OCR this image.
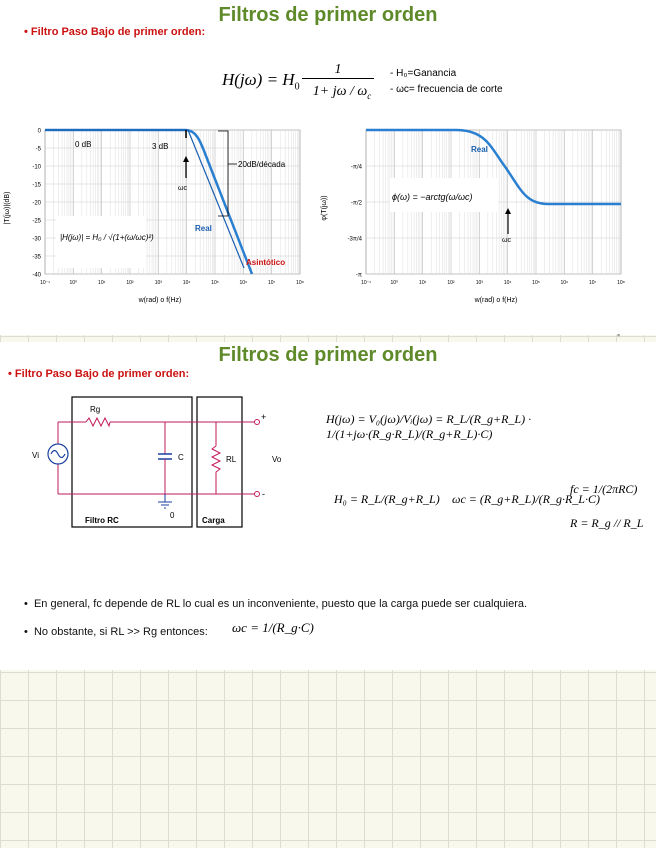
Filtros de primer orden
• Filtro Paso Bajo de primer orden:
$H(j\omega) = H_0$
1
$1+ j\omega / \omega_c$
- H₀=Ganancia
- ωc= frecuencia de corte
0
-5
-10
-15
-20
-25
-30
-35
-40
10⁻¹	10⁰	10¹	10²	10³	10⁴	10⁵	10⁶	10⁷	10⁸
|T(jω)|(dB)
w(rad) o f(Hz)
0 dB	3 dB
20dB/década
ωc
Real
Asintótico
|H(jω)| = H₀ / √(1+(ω/ωc)²)
-π/4
-π/2
-3π/4
-π
10⁻¹	10⁰	10¹	10²	10³	10⁴	10⁵	10⁶	10⁷	10⁸
φ(T(jω))
w(rad) o f(Hz)
Real
ϕ(ω) = −arctg(ω/ωc)
ωc
▪
Filtros de primer orden
• Filtro Paso Bajo de primer orden:
Vi
Rg
C
0
RL
+
-
Vo
Filtro RC	Carga
H(jω) = V₀(jω)/Vᵢ(jω) = R_L/(R_g+R_L) · 1/(1+jω·(R_g·R_L)/(R_g+R_L)·C)
H₀ = R_L/(R_g+R_L) ωc = (R_g+R_L)/(R_g·R_L·C)
fc = 1/(2πRC)
R = R_g // R_L
•  En general, fc depende de RL lo cual es un inconveniente, puesto que la carga puede ser cualquiera.
•  No obstante, si RL >> Rg entonces: ωc = 1/(R_g·C)
